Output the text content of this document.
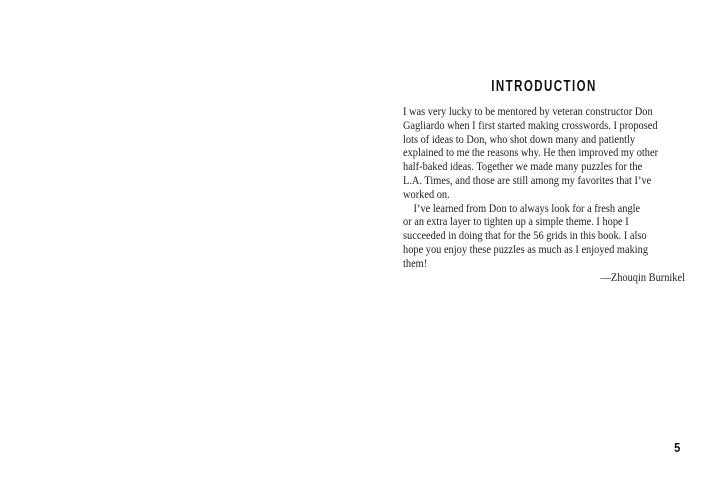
INTRODUCTION
I was very lucky to be mentored by veteran constructor Don
Gagliardo when I first started making crosswords. I proposed
lots of ideas to Don, who shot down many and patiently
explained to me the reasons why. He then improved my other
half-baked ideas. Together we made many puzzles for the
L.A. Times, and those are still among my favorites that I’ve
worked on.
I’ve learned from Don to always look for a fresh angle
or an extra layer to tighten up a simple theme. I hope I
succeeded in doing that for the 56 grids in this book. I also
hope you enjoy these puzzles as much as I enjoyed making
them!
—Zhouqin Burnikel
5
